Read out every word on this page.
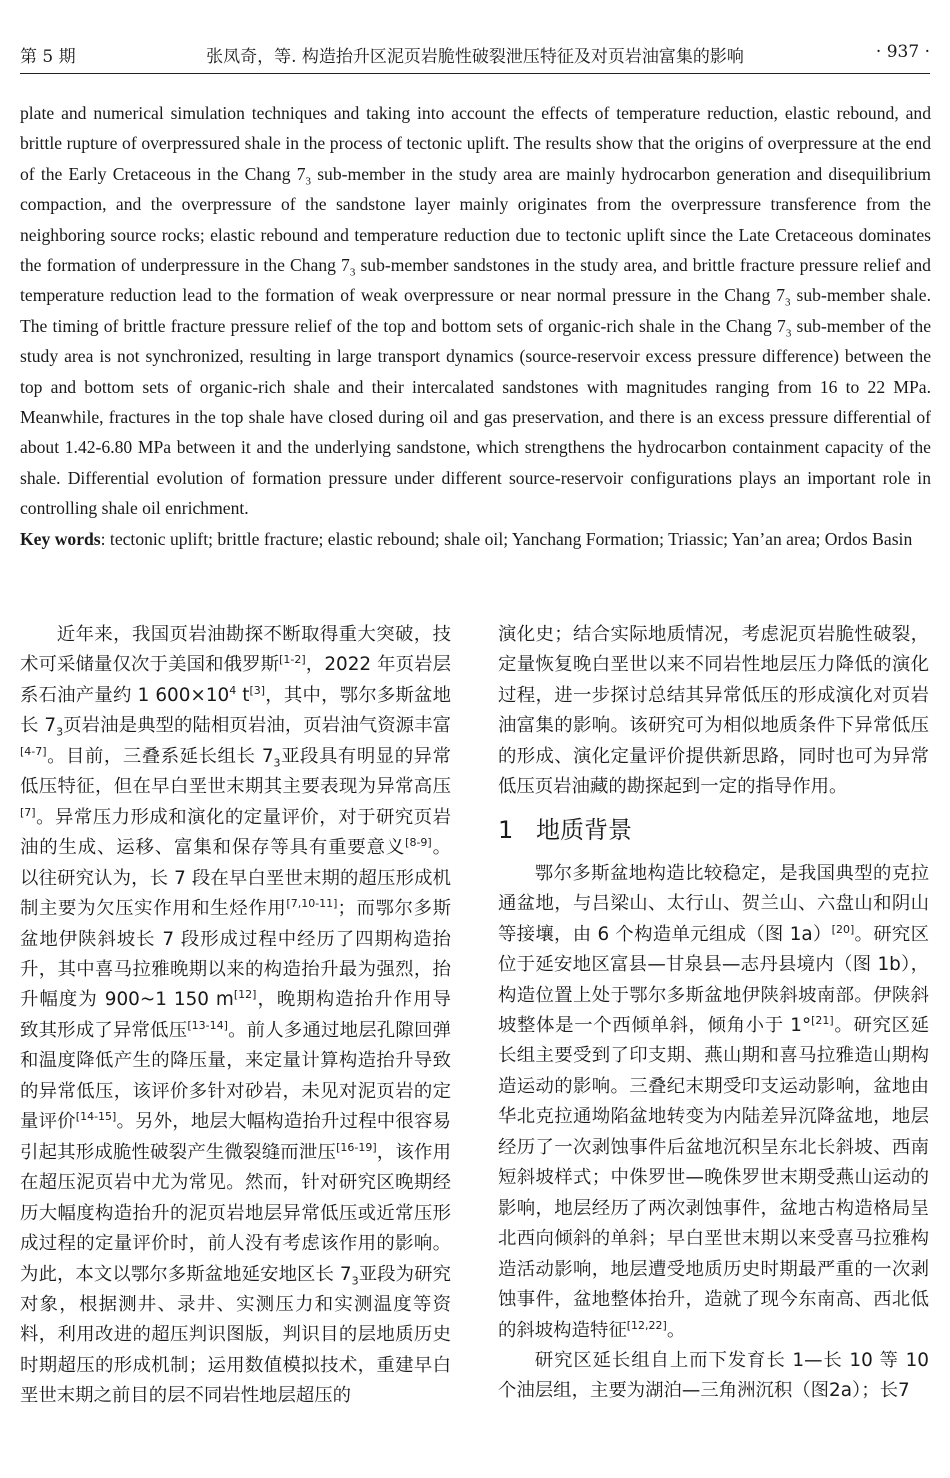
第 5 期	张凤奇，等. 构造抬升区泥页岩脆性破裂泄压特征及对页岩油富集的影响	· 937 ·

plate and numerical simulation techniques and taking into account the effects of temperature reduction, elastic rebound, and brittle rupture of overpressured shale in the process of tectonic uplift. The results show that the origins of overpressure at the end of the Early Cretaceous in the Chang $7_3$ sub-member in the study area are mainly hydrocarbon generation and disequilibrium compaction, and the overpressure of the sandstone layer mainly originates from the overpressure transference from the neighboring source rocks; elastic rebound and temperature reduction due to tectonic uplift since the Late Cretaceous dominates the formation of underpressure in the Chang $7_3$ sub-member sandstones in the study area, and brittle fracture pressure relief and temperature reduction lead to the formation of weak overpressure or near normal pressure in the Chang $7_3$ sub-member shale. The timing of brittle fracture pressure relief of the top and bottom sets of organic-rich shale in the Chang $7_3$ sub-member of the study area is not synchronized, resulting in large transport dynamics (source-reservoir excess pressure difference) between the top and bottom sets of organic-rich shale and their intercalated sandstones with magnitudes ranging from 16 to 22 MPa. Meanwhile, fractures in the top shale have closed during oil and gas preservation, and there is an excess pressure differential of about 1.42-6.80 MPa between it and the underlying sandstone, which strengthens the hydrocarbon containment capacity of the shale. Differential evolution of formation pressure under different source-reservoir configurations plays an important role in controlling shale oil enrichment.

Key words: tectonic uplift; brittle fracture; elastic rebound; shale oil; Yanchang Formation; Triassic; Yan’an area; Ordos Basin

近年来，我国页岩油勘探不断取得重大突破，技术可采储量仅次于美国和俄罗斯[1-2]，2022 年页岩层系石油产量约 1 600×10$^4$ t[3]，其中，鄂尔多斯盆地长 $7_3$页岩油是典型的陆相页岩油，页岩油气资源丰富[4-7]。目前，三叠系延长组长 $7_3$亚段具有明显的异常低压特征，但在早白垩世末期其主要表现为异常高压[7]。异常压力形成和演化的定量评价，对于研究页岩油的生成、运移、富集和保存等具有重要意义[8-9]。以往研究认为，长 7 段在早白垩世末期的超压形成机制主要为欠压实作用和生烃作用[7,10-11]；而鄂尔多斯盆地伊陕斜坡长 7 段形成过程中经历了四期构造抬升，其中喜马拉雅晚期以来的构造抬升最为强烈，抬升幅度为 900~1 150 m[12]，晚期构造抬升作用导致其形成了异常低压[13-14]。前人多通过地层孔隙回弹和温度降低产生的降压量，来定量计算构造抬升导致的异常低压，该评价多针对砂岩，未见对泥页岩的定量评价[14-15]。另外，地层大幅构造抬升过程中很容易引起其形成脆性破裂产生微裂缝而泄压[16-19]，该作用在超压泥页岩中尤为常见。然而，针对研究区晚期经历大幅度构造抬升的泥页岩地层异常低压或近常压形成过程的定量评价时，前人没有考虑该作用的影响。为此，本文以鄂尔多斯盆地延安地区长 $7_3$亚段为研究对象，根据测井、录井、实测压力和实测温度等资料，利用改进的超压判识图版，判识目的层地质历史时期超压的形成机制；运用数值模拟技术，重建早白垩世末期之前目的层不同岩性地层超压的

演化史；结合实际地质情况，考虑泥页岩脆性破裂，定量恢复晚白垩世以来不同岩性地层压力降低的演化过程，进一步探讨总结其异常低压的形成演化对页岩油富集的影响。该研究可为相似地质条件下异常低压的形成、演化定量评价提供新思路，同时也可为异常低压页岩油藏的勘探起到一定的指导作用。

1 地质背景

鄂尔多斯盆地构造比较稳定，是我国典型的克拉通盆地，与吕梁山、太行山、贺兰山、六盘山和阴山等接壤，由 6 个构造单元组成（图 1a）[20]。研究区位于延安地区富县—甘泉县—志丹县境内（图 1b），构造位置上处于鄂尔多斯盆地伊陕斜坡南部。伊陕斜坡整体是一个西倾单斜，倾角小于 1°[21]。研究区延长组主要受到了印支期、燕山期和喜马拉雅造山期构造运动的影响。三叠纪末期受印支运动影响，盆地由华北克拉通坳陷盆地转变为内陆差异沉降盆地，地层经历了一次剥蚀事件后盆地沉积呈东北长斜坡、西南短斜坡样式；中侏罗世—晚侏罗世末期受燕山运动的影响，地层经历了两次剥蚀事件，盆地古构造格局呈北西向倾斜的单斜；早白垩世末期以来受喜马拉雅构造活动影响，地层遭受地质历史时期最严重的一次剥蚀事件，盆地整体抬升，造就了现今东南高、西北低的斜坡构造特征[12,22]。

研究区延长组自上而下发育长 1—长 10 等 10 个油层组，主要为湖泊—三角洲沉积（图2a）；长7
